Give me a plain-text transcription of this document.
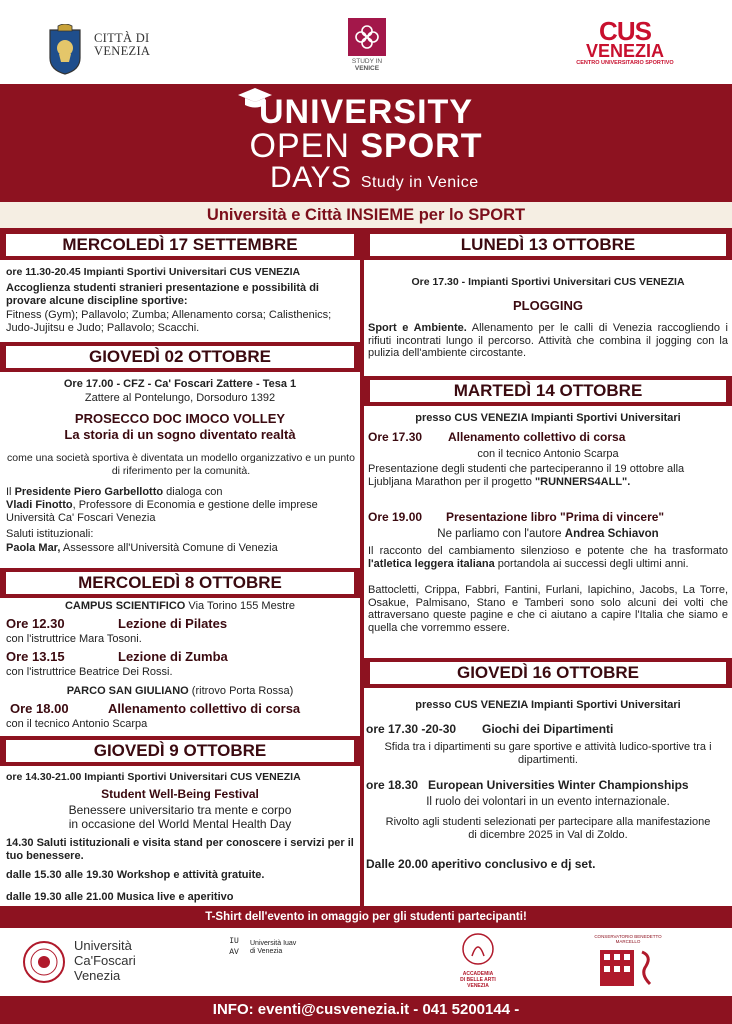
CITTÀ DI
VENEZIA
STUDY IN
VENICE
CUS
VENEZIA
CENTRO UNIVERSITARIO SPORTIVO
UNIVERSITY
OPEN SPORT
DAYS Study in Venice
Università e Città INSIEME per lo SPORT
MERCOLEDÌ 17 SETTEMBRE
ore 11.30-20.45 Impianti Sportivi Universitari CUS VENEZIA
Accoglienza studenti stranieri presentazione e possibilità di provare alcune discipline sportive:
Fitness (Gym); Pallavolo; Zumba; Allenamento corsa; Calisthenics; Judo-Jujitsu e Judo; Pallavolo; Scacchi.
GIOVEDÌ 02 OTTOBRE
Ore 17.00 - CFZ - Ca' Foscari Zattere - Tesa 1
Zattere al Pontelungo, Dorsoduro 1392
PROSECCO DOC IMOCO VOLLEY
La storia di un sogno diventato realtà
come una società sportiva è diventata un modello organizzativo e un punto di riferimento per la comunità.
Il Presidente Piero Garbellotto dialoga con
Vladi Finotto, Professore di Economia e gestione delle imprese Università Ca' Foscari Venezia
Saluti istituzionali:
Paola Mar, Assessore all'Università Comune di Venezia
MERCOLEDÌ 8 OTTOBRE
CAMPUS SCIENTIFICO Via Torino 155 Mestre
Ore 12.30	Lezione di Pilates
con l'istruttrice Mara Tosoni.
Ore 13.15	Lezione di Zumba
con l'istruttrice Beatrice Dei Rossi.
PARCO SAN GIULIANO (ritrovo Porta Rossa)
Ore 18.00	Allenamento collettivo di corsa
con il tecnico Antonio Scarpa
GIOVEDÌ 9 OTTOBRE
ore 14.30-21.00 Impianti Sportivi Universitari CUS VENEZIA
Student Well-Being Festival
Benessere universitario tra mente e corpo
in occasione del World Mental Health Day
14.30 Saluti istituzionali e visita stand per conoscere i servizi per il tuo benessere.
dalle 15.30 alle 19.30 Workshop e attività gratuite.
dalle 19.30 alle 21.00 Musica live e aperitivo
LUNEDÌ 13 OTTOBRE
Ore 17.30 - Impianti Sportivi Universitari CUS VENEZIA
PLOGGING
Sport e Ambiente. Allenamento per le calli di Venezia raccogliendo i rifiuti incontrati lungo il percorso. Attività che combina il jogging con la pulizia dell'ambiente circostante.
MARTEDÌ 14 OTTOBRE
presso CUS VENEZIA Impianti Sportivi Universitari
Ore 17.30	Allenamento collettivo di corsa
con il tecnico Antonio Scarpa
Presentazione degli studenti che parteciperanno il 19 ottobre alla Ljubljana Marathon per il progetto "RUNNERS4ALL".
Ore 19.00	Presentazione libro "Prima di vincere"
Ne parliamo con l'autore Andrea Schiavon
Il racconto del cambiamento silenzioso e potente che ha trasformato l'atletica leggera italiana portandola ai successi degli ultimi anni.
Battocletti, Crippa, Fabbri, Fantini, Furlani, Iapichino, Jacobs, La Torre, Osakue, Palmisano, Stano e Tamberi sono solo alcuni dei volti che attraversano queste pagine e che ci aiutano a capire l'Italia che siamo e quella che vorremmo essere.
GIOVEDÌ 16 OTTOBRE
presso CUS VENEZIA Impianti Sportivi Universitari
ore 17.30 -20-30	Giochi dei Dipartimenti
Sfida tra i dipartimenti su gare sportive e attività ludico-sportive tra i dipartimenti.
ore 18.30 European Universities Winter Championships
Il ruolo dei volontari in un evento internazionale.
Rivolto agli studenti selezionati per partecipare alla manifestazione di dicembre 2025 in Val di Zoldo.
Dalle 20.00 aperitivo conclusivo e dj set.
T-Shirt dell'evento in omaggio per gli studenti partecipanti!
Università
Ca'Foscari
Venezia
IUAV
Università Iuav
di Venezia
ACCADEMIA
DI BELLE ARTI
VENEZIA
CONSERVATORIO BENEDETTO MARCELLO
INFO: eventi@cusvenezia.it - 041 5200144 -
